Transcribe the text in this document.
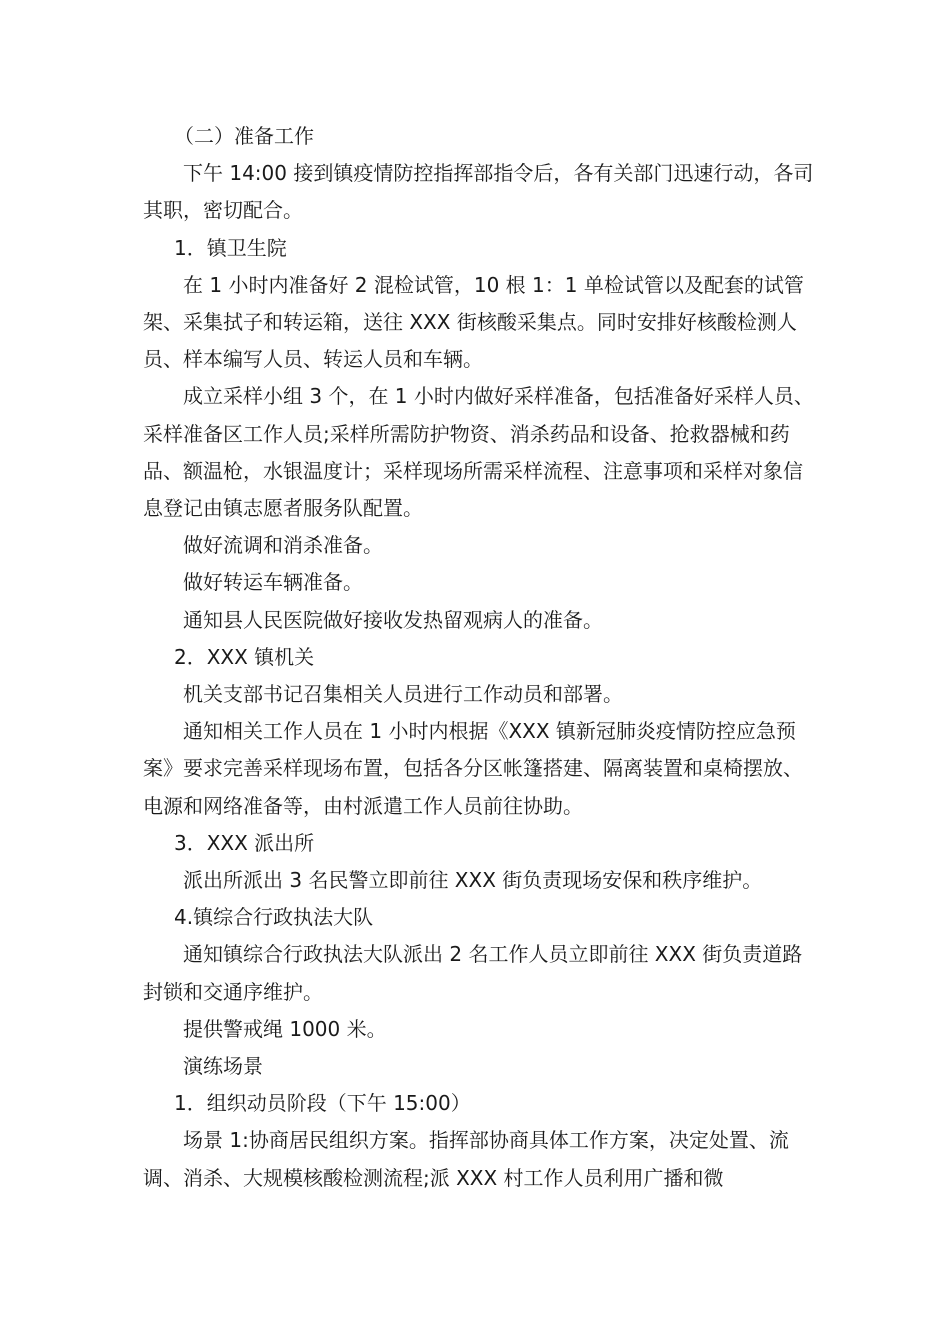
（二）准备工作

下午 14:00 接到镇疫情防控指挥部指令后，各有关部门迅速行动，各司其职，密切配合。

1．镇卫生院

在 1 小时内准备好 2 混检试管，10 根 1：1 单检试管以及配套的试管架、采集拭子和转运箱，送往 XXX 街核酸采集点。同时安排好核酸检测人员、样本编写人员、转运人员和车辆。

成立采样小组 3 个，在 1 小时内做好采样准备，包括准备好采样人员、采样准备区工作人员;采样所需防护物资、消杀药品和设备、抢救器械和药品、额温枪，水银温度计；采样现场所需采样流程、注意事项和采样对象信息登记由镇志愿者服务队配置。

做好流调和消杀准备。

做好转运车辆准备。

通知县人民医院做好接收发热留观病人的准备。

2．XXX 镇机关

机关支部书记召集相关人员进行工作动员和部署。

通知相关工作人员在 1 小时内根据《XXX 镇新冠肺炎疫情防控应急预案》要求完善采样现场布置，包括各分区帐篷搭建、隔离装置和桌椅摆放、电源和网络准备等，由村派遣工作人员前往协助。

3．XXX 派出所

派出所派出 3 名民警立即前往 XXX 街负责现场安保和秩序维护。

4.镇综合行政执法大队

通知镇综合行政执法大队派出 2 名工作人员立即前往 XXX 街负责道路封锁和交通序维护。

提供警戒绳 1000 米。

演练场景

1．组织动员阶段（下午 15:00）

场景 1:协商居民组织方案。指挥部协商具体工作方案，决定处置、流调、消杀、大规模核酸检测流程;派 XXX 村工作人员利用广播和微
